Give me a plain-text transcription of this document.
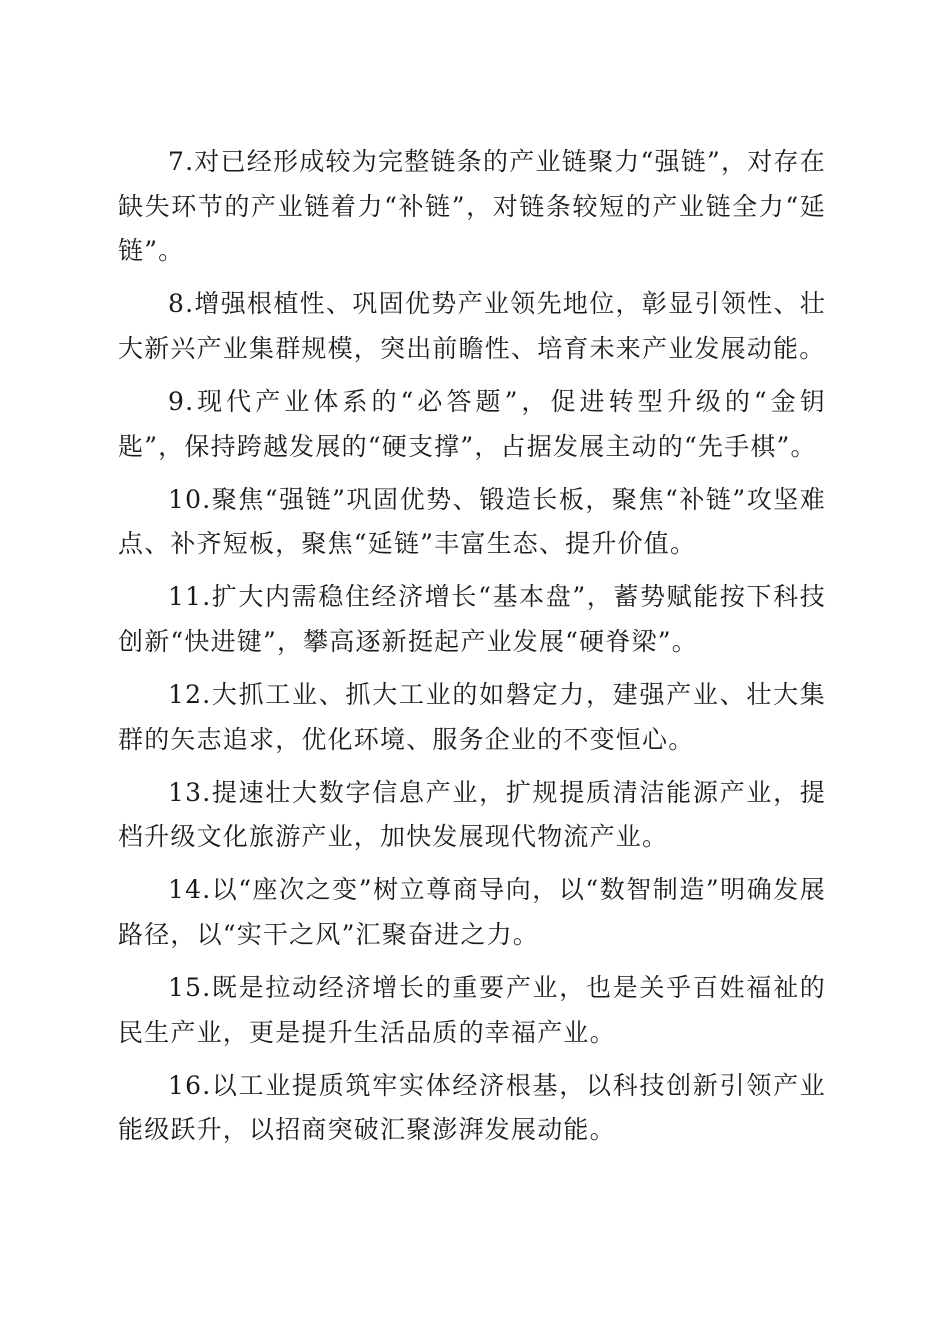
7.对已经形成较为完整链条的产业链聚力“强链”，对存在缺失环节的产业链着力“补链”，对链条较短的产业链全力“延链”。

8.增强根植性、巩固优势产业领先地位，彰显引领性、壮大新兴产业集群规模，突出前瞻性、培育未来产业发展动能。

9.现代产业体系的“必答题”，促进转型升级的“金钥匙”，保持跨越发展的“硬支撑”，占据发展主动的“先手棋”。

10.聚焦“强链”巩固优势、锻造长板，聚焦“补链”攻坚难点、补齐短板，聚焦“延链”丰富生态、提升价值。

11.扩大内需稳住经济增长“基本盘”，蓄势赋能按下科技创新“快进键”，攀高逐新挺起产业发展“硬脊梁”。

12.大抓工业、抓大工业的如磐定力，建强产业、壮大集群的矢志追求，优化环境、服务企业的不变恒心。

13.提速壮大数字信息产业，扩规提质清洁能源产业，提档升级文化旅游产业，加快发展现代物流产业。

14.以“座次之变”树立尊商导向，以“数智制造”明确发展路径，以“实干之风”汇聚奋进之力。

15.既是拉动经济增长的重要产业，也是关乎百姓福祉的民生产业，更是提升生活品质的幸福产业。

16.以工业提质筑牢实体经济根基，以科技创新引领产业能级跃升，以招商突破汇聚澎湃发展动能。
